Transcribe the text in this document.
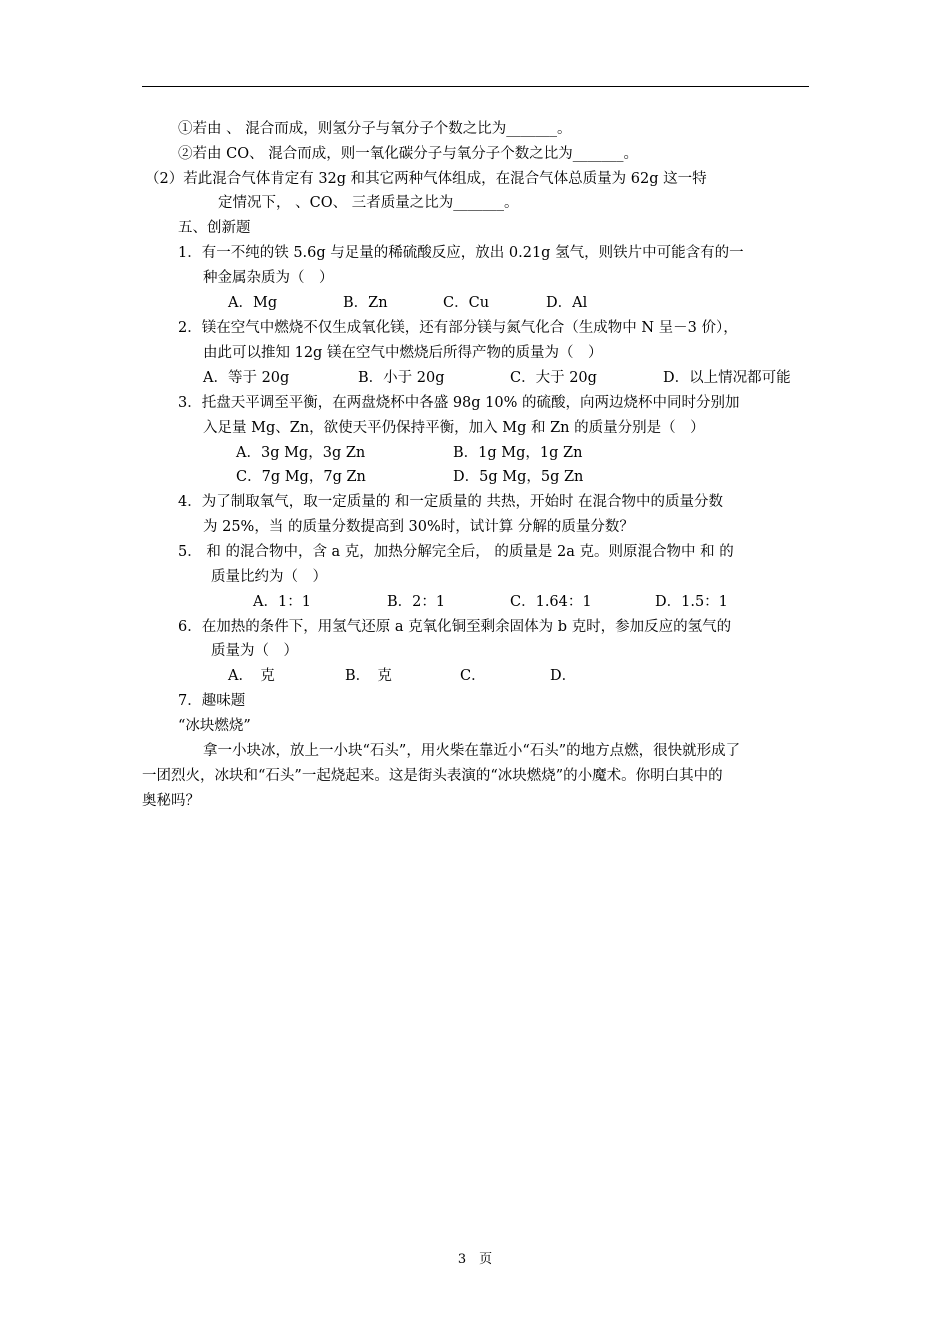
①若由 、 混合而成，则氢分子与氧分子个数之比为_______。
②若由 CO、 混合而成，则一氧化碳分子与氧分子个数之比为_______。
（2）若此混合气体肯定有 32g 和其它两种气体组成，在混合气体总质量为 62g 这一特
定情况下， 、CO、 三者质量之比为_______。
五、创新题
1．有一不纯的铁 5.6g 与足量的稀硫酸反应，放出 0.21g 氢气，则铁片中可能含有的一
种金属杂质为（　）
A．Mg	B．Zn	C．Cu	D．Al
2．镁在空气中燃烧不仅生成氧化镁，还有部分镁与氮气化合（生成物中 N 呈－3 价），
由此可以推知 12g 镁在空气中燃烧后所得产物的质量为（　）
A．等于 20g	B．小于 20g	C．大于 20g	D．以上情况都可能
3．托盘天平调至平衡，在两盘烧杯中各盛 98g 10% 的硫酸，向两边烧杯中同时分别加
入足量 Mg、Zn，欲使天平仍保持平衡，加入 Mg 和 Zn 的质量分别是（　）
A．3g Mg，3g Zn	B．1g Mg，1g Zn
C．7g Mg，7g Zn	D．5g Mg，5g Zn
4．为了制取氧气，取一定质量的 和一定质量的 共热，开始时 在混合物中的质量分数
为 25%，当 的质量分数提高到 30%时，试计算 分解的质量分数？
5． 和 的混合物中，含 a 克，加热分解完全后， 的质量是 2a 克。则原混合物中 和 的
质量比约为（　）
A．1：1	B．2：1	C．1.64：1	D．1.5：1
6．在加热的条件下，用氢气还原 a 克氧化铜至剩余固体为 b 克时，参加反应的氢气的
质量为（　）
A．　克	B．　克	C．	D．
7．趣味题
“冰块燃烧”
拿一小块冰，放上一小块“石头”，用火柴在靠近小“石头”的地方点燃，很快就形成了
一团烈火，冰块和“石头”一起烧起来。这是街头表演的“冰块燃烧”的小魔术。你明白其中的
奥秘吗？
3　页
